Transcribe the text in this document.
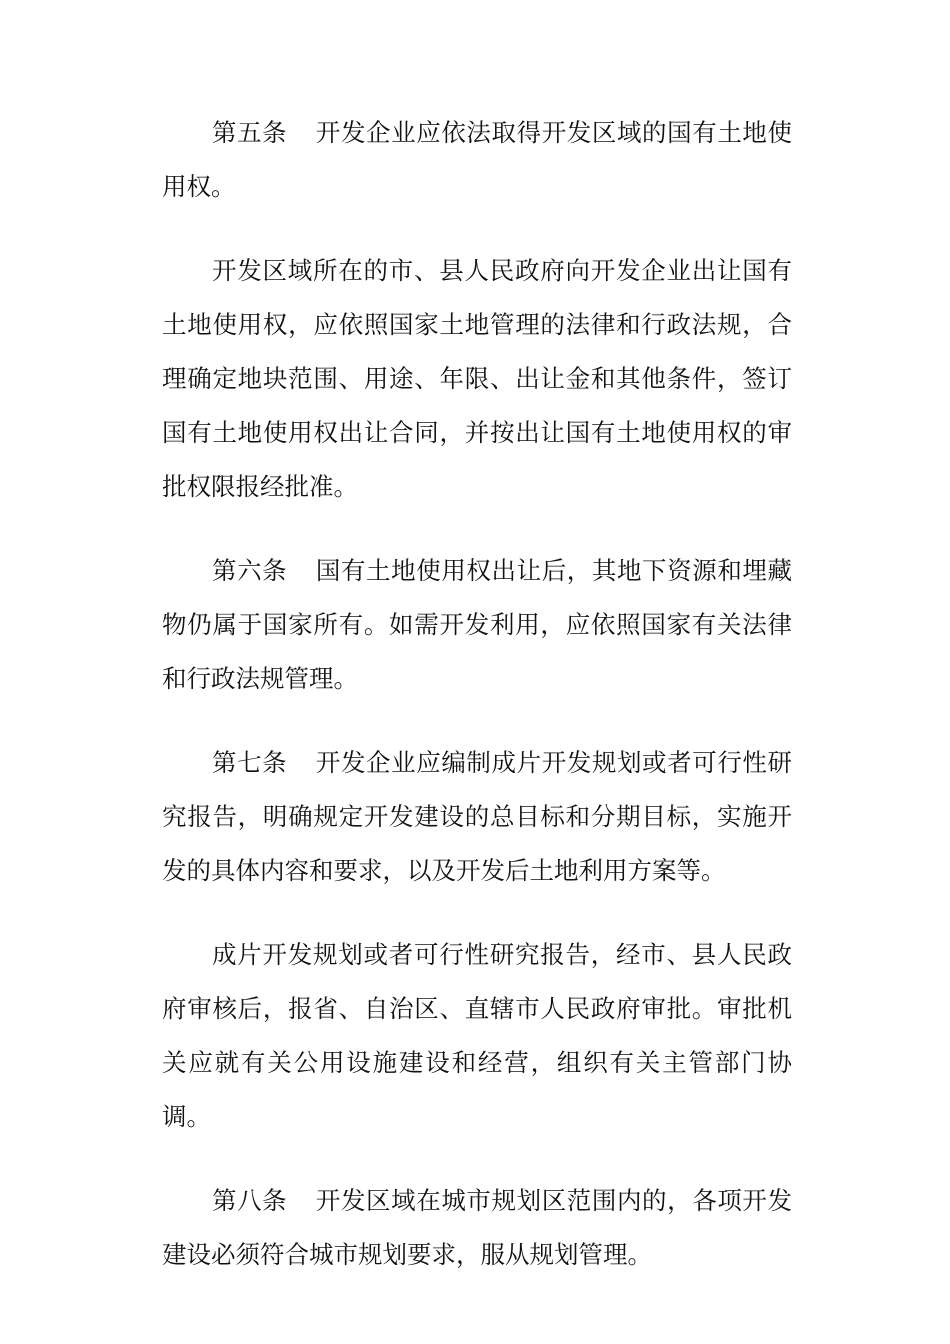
第五条 开发企业应依法取得开发区域的国有土地使用权。

开发区域所在的市、县人民政府向开发企业出让国有土地使用权，应依照国家土地管理的法律和行政法规，合理确定地块范围、用途、年限、出让金和其他条件，签订国有土地使用权出让合同，并按出让国有土地使用权的审批权限报经批准。

第六条 国有土地使用权出让后，其地下资源和埋藏物仍属于国家所有。如需开发利用，应依照国家有关法律和行政法规管理。

第七条 开发企业应编制成片开发规划或者可行性研究报告，明确规定开发建设的总目标和分期目标，实施开发的具体内容和要求，以及开发后土地利用方案等。

成片开发规划或者可行性研究报告，经市、县人民政府审核后，报省、自治区、直辖市人民政府审批。审批机关应就有关公用设施建设和经营，组织有关主管部门协调。

第八条 开发区域在城市规划区范围内的，各项开发建设必须符合城市规划要求，服从规划管理。
